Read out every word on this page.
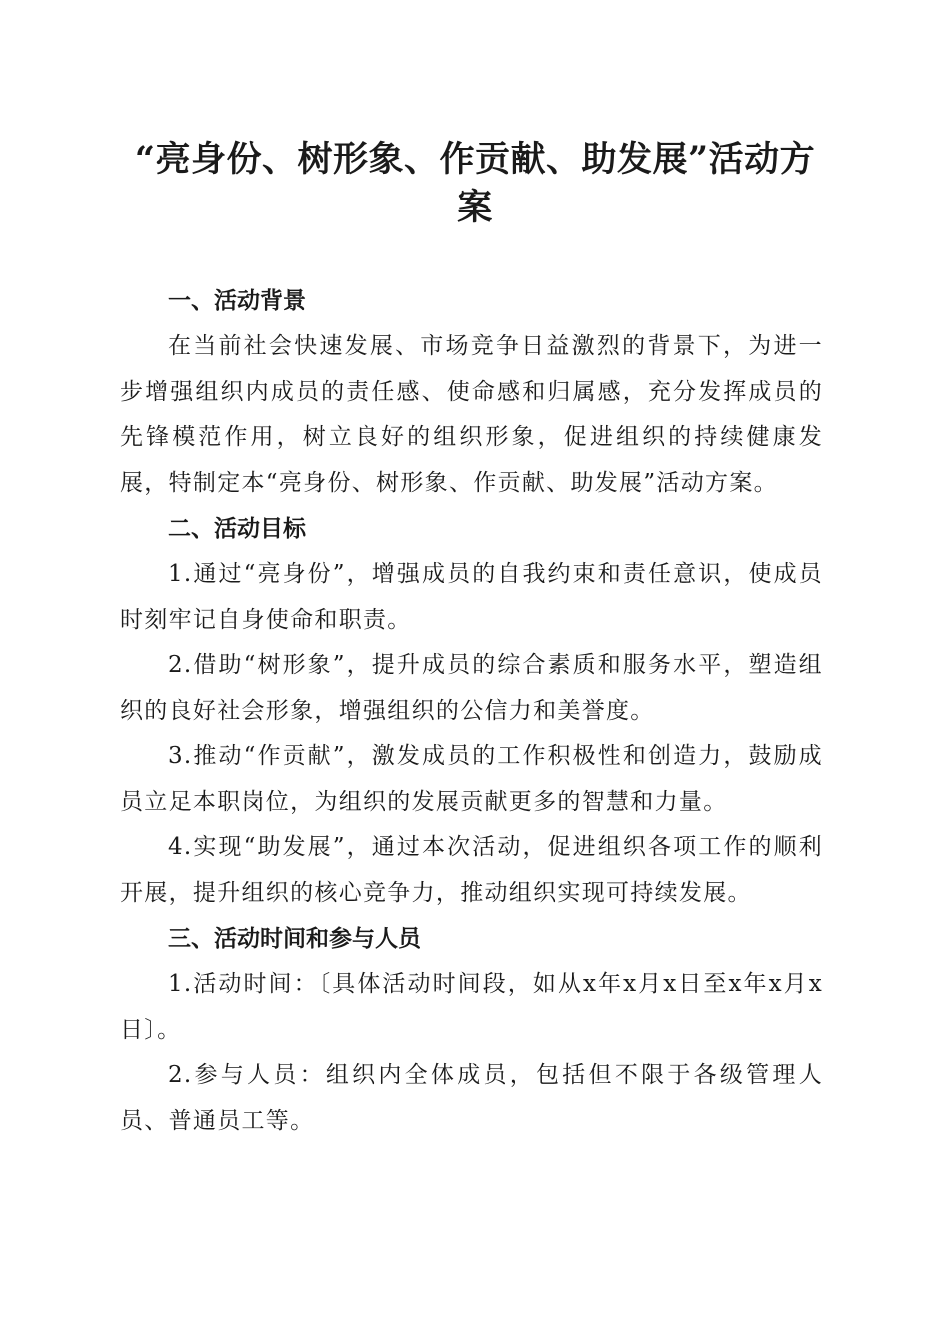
“亮身份、树形象、作贡献、助发展”活动方案
一、活动背景

在当前社会快速发展、市场竞争日益激烈的背景下，为进一步增强组织内成员的责任感、使命感和归属感，充分发挥成员的先锋模范作用，树立良好的组织形象，促进组织的持续健康发展，特制定本“亮身份、树形象、作贡献、助发展”活动方案。

二、活动目标

1.通过“亮身份”，增强成员的自我约束和责任意识，使成员时刻牢记自身使命和职责。

2.借助“树形象”，提升成员的综合素质和服务水平，塑造组织的良好社会形象，增强组织的公信力和美誉度。

3.推动“作贡献”，激发成员的工作积极性和创造力，鼓励成员立足本职岗位，为组织的发展贡献更多的智慧和力量。

4.实现“助发展”，通过本次活动，促进组织各项工作的顺利开展，提升组织的核心竞争力，推动组织实现可持续发展。

三、活动时间和参与人员

1.活动时间：〔具体活动时间段，如从x年x月x日至x年x月x日〕。

2.参与人员：组织内全体成员，包括但不限于各级管理人员、普通员工等。
